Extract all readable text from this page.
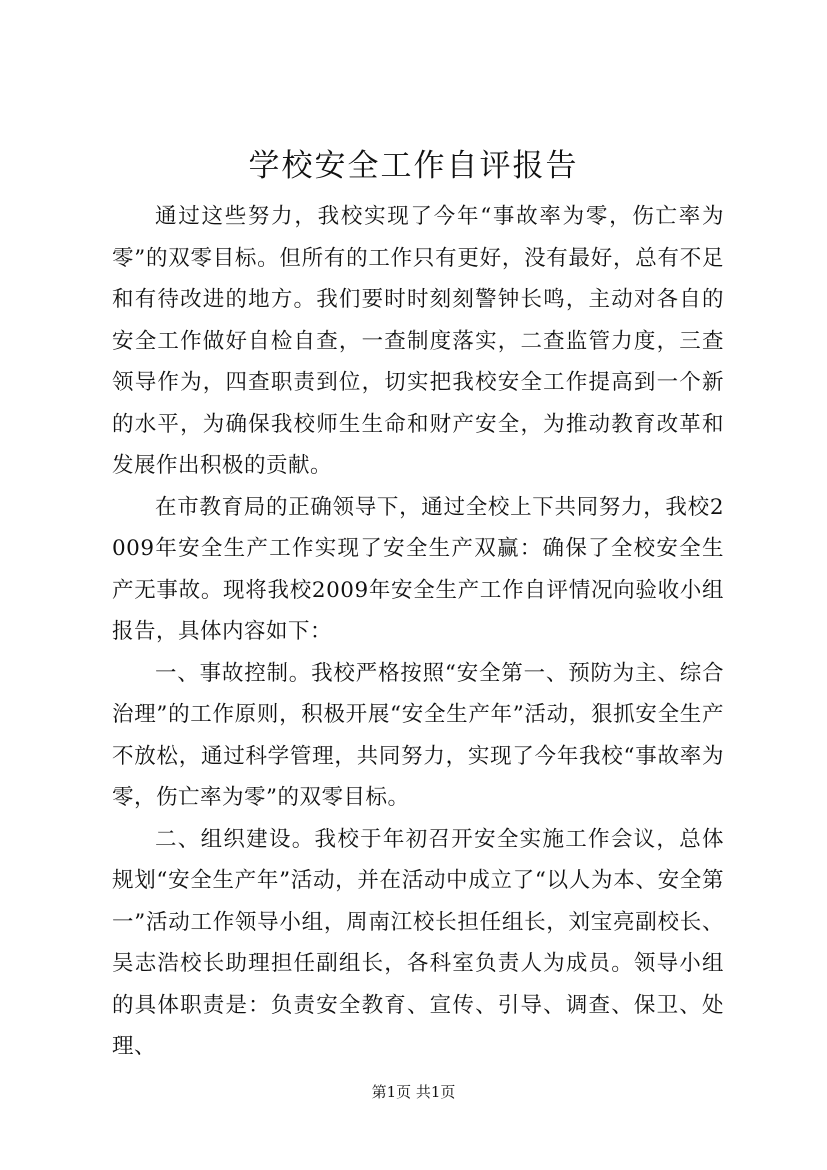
学校安全工作自评报告

通过这些努力，我校实现了今年“事故率为零，伤亡率为零”的双零目标。但所有的工作只有更好，没有最好，总有不足和有待改进的地方。我们要时时刻刻警钟长鸣，主动对各自的安全工作做好自检自查，一查制度落实，二查监管力度，三查领导作为，四查职责到位，切实把我校安全工作提高到一个新的水平，为确保我校师生生命和财产安全，为推动教育改革和发展作出积极的贡献。

在市教育局的正确领导下，通过全校上下共同努力，我校2009年安全生产工作实现了安全生产双赢：确保了全校安全生产无事故。现将我校2009年安全生产工作自评情况向验收小组报告，具体内容如下：

一、事故控制。我校严格按照“安全第一、预防为主、综合治理”的工作原则，积极开展“安全生产年”活动，狠抓安全生产不放松，通过科学管理，共同努力，实现了今年我校“事故率为零，伤亡率为零”的双零目标。

二、组织建设。我校于年初召开安全实施工作会议，总体规划“安全生产年”活动，并在活动中成立了“以人为本、安全第一”活动工作领导小组，周南江校长担任组长，刘宝亮副校长、吴志浩校长助理担任副组长，各科室负责人为成员。领导小组的具体职责是：负责安全教育、宣传、引导、调查、保卫、处理、

第1页 共1页
